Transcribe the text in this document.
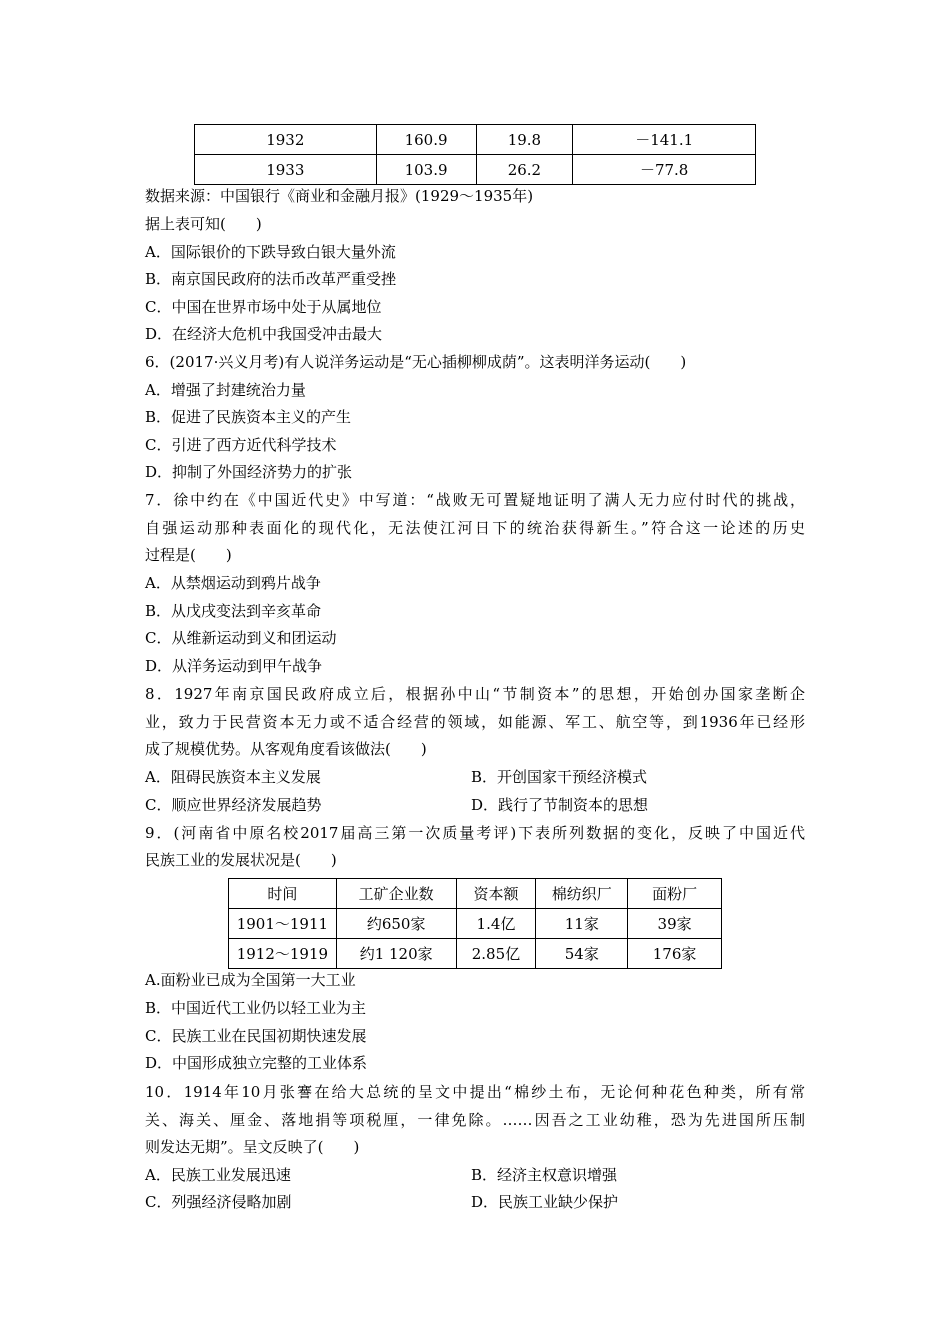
1932	160.9	19.8	－141.1
1933	103.9	26.2	－77.8
数据来源：中国银行《商业和金融月报》(1929～1935年)
据上表可知(　　)
A．国际银价的下跌导致白银大量外流
B．南京国民政府的法币改革严重受挫
C．中国在世界市场中处于从属地位
D．在经济大危机中我国受冲击最大
6．(2017·兴义月考)有人说洋务运动是“无心插柳柳成荫”。这表明洋务运动(　　)
A．增强了封建统治力量
B．促进了民族资本主义的产生
C．引进了西方近代科学技术
D．抑制了外国经济势力的扩张
7．徐中约在《中国近代史》中写道：“战败无可置疑地证明了满人无力应付时代的挑战，
自强运动那种表面化的现代化，无法使江河日下的统治获得新生。”符合这一论述的历史
过程是(　　)
A．从禁烟运动到鸦片战争
B．从戊戌变法到辛亥革命
C．从维新运动到义和团运动
D．从洋务运动到甲午战争
8．1927年南京国民政府成立后，根据孙中山“节制资本”的思想，开始创办国家垄断企
业，致力于民营资本无力或不适合经营的领域，如能源、军工、航空等，到1936年已经形
成了规模优势。从客观角度看该做法(　　)
A．阻碍民族资本主义发展	B．开创国家干预经济模式
C．顺应世界经济发展趋势	D．践行了节制资本的思想
9．(河南省中原名校2017届高三第一次质量考评)下表所列数据的变化，反映了中国近代
民族工业的发展状况是(　　)
时间	工矿企业数	资本额	棉纺织厂	面粉厂
1901～1911	约650家	1.4亿	11家	39家
1912～1919	约1 120家	2.85亿	54家	176家
A.面粉业已成为全国第一大工业
B．中国近代工业仍以轻工业为主
C．民族工业在民国初期快速发展
D．中国形成独立完整的工业体系
10．1914年10月张謇在给大总统的呈文中提出“棉纱土布，无论何种花色种类，所有常
关、海关、厘金、落地捐等项税厘，一律免除。……因吾之工业幼稚，恐为先进国所压制
则发达无期”。呈文反映了(　　)
A．民族工业发展迅速	B．经济主权意识增强
C．列强经济侵略加剧	D．民族工业缺少保护
